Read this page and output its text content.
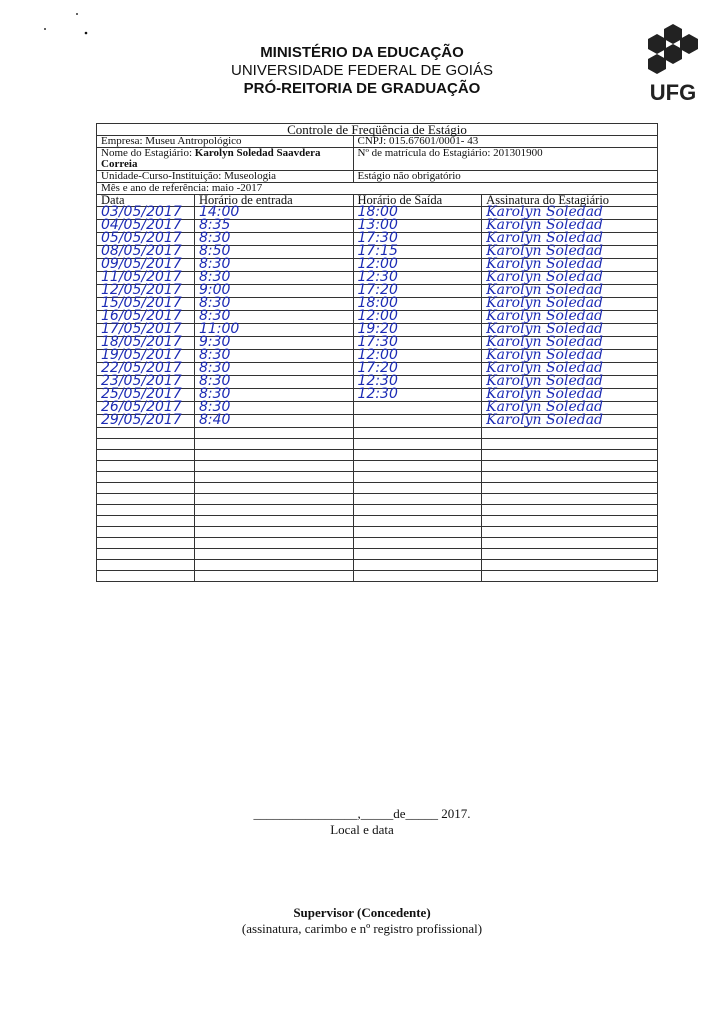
MINISTÉRIO DA EDUCAÇÃO
UNIVERSIDADE FEDERAL DE GOIÁS
PRÓ-REITORIA DE GRADUAÇÃO	UFG
Controle de Freqüência de Estágio			
Empresa: Museu Antropológico		CNPJ: 015.67601/0001- 43	
Nome do Estagiário: Karolyn Soledad Saavdera Correia		Nº de matrícula do Estagiário: 201301900	
Unidade-Curso-Instituição: Museologia		Estágio não obrigatório	
Mês e ano de referência: maio -2017			
Data	Horário de entrada	Horário de Saída	Assinatura do Estagiário
03/05/2017	14:00	18:00	Karolyn Soledad
04/05/2017	8:35	13:00	Karolyn Soledad
05/05/2017	8:30	17:30	Karolyn Soledad
08/05/2017	8:50	17:15	Karolyn Soledad
09/05/2017	8:30	12:00	Karolyn Soledad
11/05/2017	8:30	12:30	Karolyn Soledad
12/05/2017	9:00	17:20	Karolyn Soledad
15/05/2017	8:30	18:00	Karolyn Soledad
16/05/2017	8:30	12:00	Karolyn Soledad
17/05/2017	11:00	19:20	Karolyn Soledad
18/05/2017	9:30	17:30	Karolyn Soledad
19/05/2017	8:30	12:00	Karolyn Soledad
22/05/2017	8:30	17:20	Karolyn Soledad
23/05/2017	8:30	12:30	Karolyn Soledad
25/05/2017	8:30	12:30	Karolyn Soledad
26/05/2017	8:30		Karolyn Soledad
29/05/2017	8:40		Karolyn Soledad

________________,_____de_____ 2017.
Local e data
Supervisor (Concedente)
(assinatura, carimbo e nº registro profissional)
